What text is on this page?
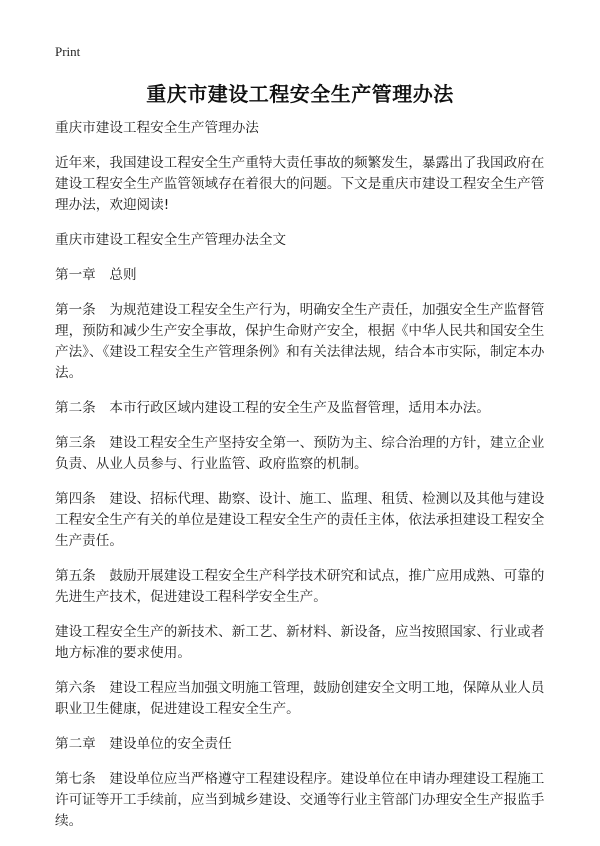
Print
重庆市建设工程安全生产管理办法

重庆市建设工程安全生产管理办法

近年来，我国建设工程安全生产重特大责任事故的频繁发生，暴露出了我国政府在建设工程安全生产监管领域存在着很大的问题。下文是重庆市建设工程安全生产管理办法，欢迎阅读!

重庆市建设工程安全生产管理办法全文

第一章　总则

第一条　为规范建设工程安全生产行为，明确安全生产责任，加强安全生产监督管理，预防和减少生产安全事故，保护生命财产安全，根据《中华人民共和国安全生产法》、《建设工程安全生产管理条例》和有关法律法规，结合本市实际，制定本办法。

第二条　本市行政区域内建设工程的安全生产及监督管理，适用本办法。

第三条　建设工程安全生产坚持安全第一、预防为主、综合治理的方针，建立企业负责、从业人员参与、行业监管、政府监察的机制。

第四条　建设、招标代理、勘察、设计、施工、监理、租赁、检测以及其他与建设工程安全生产有关的单位是建设工程安全生产的责任主体，依法承担建设工程安全生产责任。

第五条　鼓励开展建设工程安全生产科学技术研究和试点，推广应用成熟、可靠的先进生产技术，促进建设工程科学安全生产。

建设工程安全生产的新技术、新工艺、新材料、新设备，应当按照国家、行业或者地方标准的要求使用。

第六条　建设工程应当加强文明施工管理，鼓励创建安全文明工地，保障从业人员职业卫生健康，促进建设工程安全生产。

第二章　建设单位的安全责任

第七条　建设单位应当严格遵守工程建设程序。建设单位在申请办理建设工程施工许可证等开工手续前，应当到城乡建设、交通等行业主管部门办理安全生产报监手续。
